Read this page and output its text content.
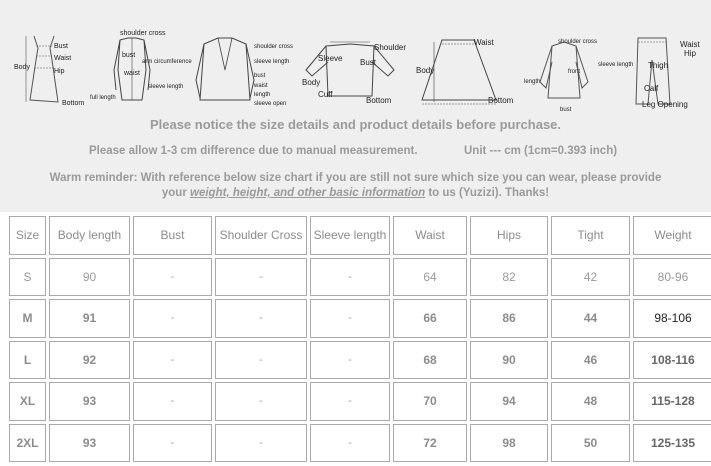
Bust
Waist
Hip
Body
Bottom
shoulder cross
bust
arm circumference
waist
sleeve length
full length
shoulder cross
sleeve length
bust
waist
length
sleeve open
Shoulder
Sleeve Bust
Body
Cuff
Bottom
Waist
Body
Bottom
shoulder cross
front
sleeve length
length
bust
Waist
Hip
Thigh
Calf
Leg Opening
Please notice the size details and product details before purchase.
Please allow 1-3 cm difference due to manual measurement.	Unit --- cm (1cm=0.393 inch)
Warm reminder: With reference below size chart if you are still not sure which size you can wear, please provide
your weight, height, and other basic information to us (Yuzizi). Thanks!
Size	Body length	Bust	Shoulder Cross	Sleeve length	Waist	Hips	Tight	Weight
S	90	-	-	-	64	82	42	80-96
M	91	-	-	-	66	86	44	98-106
L	92	-	-	-	68	90	46	108-116
XL	93	-	-	-	70	94	48	115-128
2XL	93	-	-	-	72	98	50	125-135
